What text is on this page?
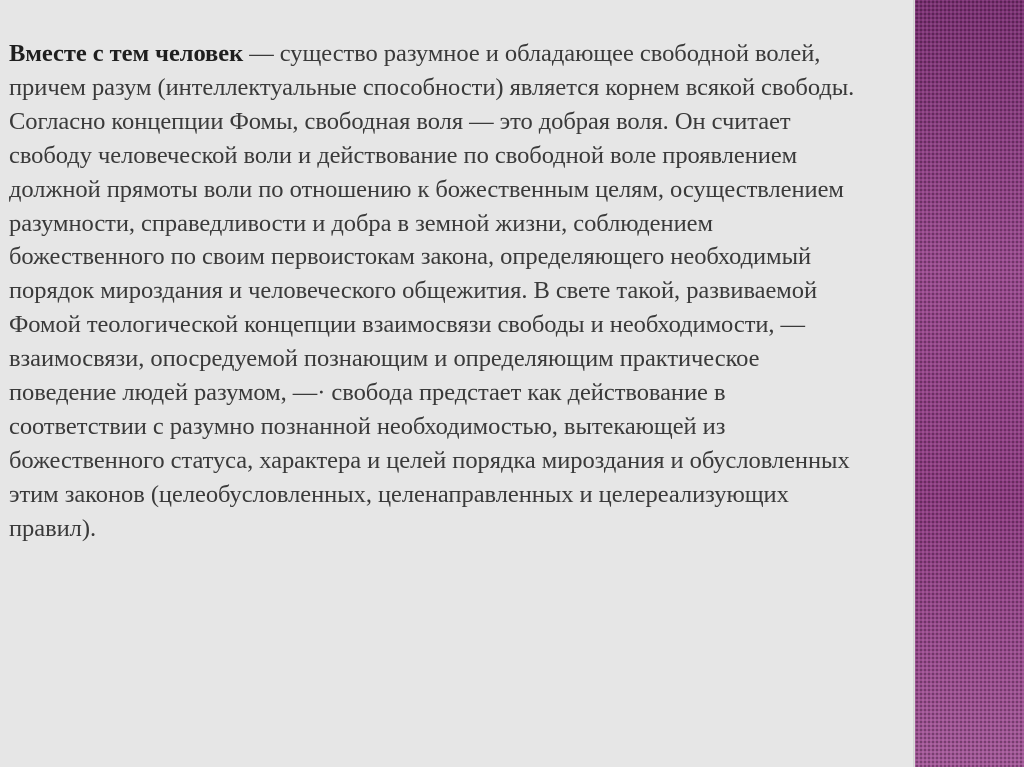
Вместе с тем человек — существо разумное и обладающее свободной волей,
причем разум (интеллектуальные способности) является корнем всякой свободы.
Согласно концепции Фомы, свободная воля — это добрая воля. Он считает
свободу человеческой воли и действование по свободной воле проявлением
должной прямоты воли по отношению к божественным целям, осуществлением
разумности, справедливости и добра в земной жизни, соблюдением
божественного по своим первоистокам закона, определяющего необходимый
порядок мироздания и человеческого общежития. В свете такой, развиваемой
Фомой теологической концепции взаимосвязи свободы и необходимости, —
взаимосвязи, опосредуемой познающим и определяющим практическое
поведение людей разумом, —· свобода предстает как действование в
соответствии с разумно познанной необходимостью, вытекающей из
божественного статуса, характера и целей порядка мироздания и обусловленных
этим законов (целеобусловленных, целенаправленных и целереализующих
правил).
